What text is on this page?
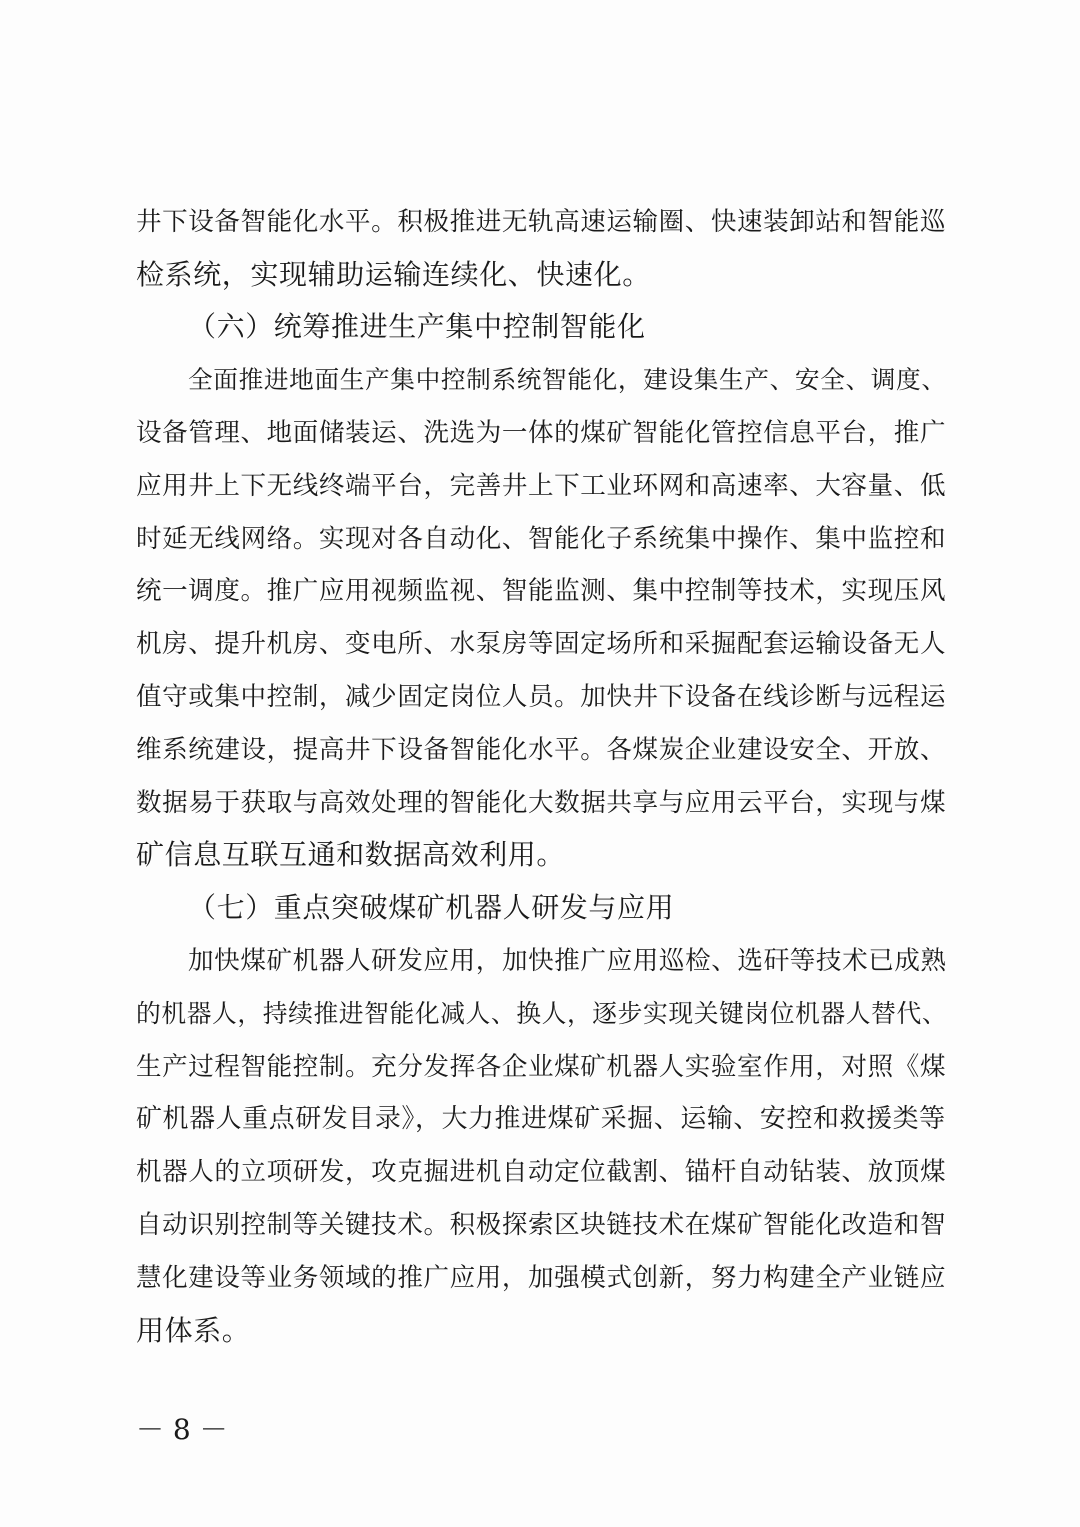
井下设备智能化水平。积极推进无轨高速运输圈、快速装卸站和智能巡
检系统，实现辅助运输连续化、快速化。
（六）统筹推进生产集中控制智能化
全面推进地面生产集中控制系统智能化，建设集生产、安全、调度、
设备管理、地面储装运、洗选为一体的煤矿智能化管控信息平台，推广
应用井上下无线终端平台，完善井上下工业环网和高速率、大容量、低
时延无线网络。实现对各自动化、智能化子系统集中操作、集中监控和
统一调度。推广应用视频监视、智能监测、集中控制等技术，实现压风
机房、提升机房、变电所、水泵房等固定场所和采掘配套运输设备无人
值守或集中控制，减少固定岗位人员。加快井下设备在线诊断与远程运
维系统建设，提高井下设备智能化水平。各煤炭企业建设安全、开放、
数据易于获取与高效处理的智能化大数据共享与应用云平台，实现与煤
矿信息互联互通和数据高效利用。
（七）重点突破煤矿机器人研发与应用
加快煤矿机器人研发应用，加快推广应用巡检、选矸等技术已成熟
的机器人，持续推进智能化减人、换人，逐步实现关键岗位机器人替代、
生产过程智能控制。充分发挥各企业煤矿机器人实验室作用，对照《煤
矿机器人重点研发目录》，大力推进煤矿采掘、运输、安控和救援类等
机器人的立项研发，攻克掘进机自动定位截割、锚杆自动钻装、放顶煤
自动识别控制等关键技术。积极探索区块链技术在煤矿智能化改造和智
慧化建设等业务领域的推广应用，加强模式创新，努力构建全产业链应
用体系。
－ 8 －
